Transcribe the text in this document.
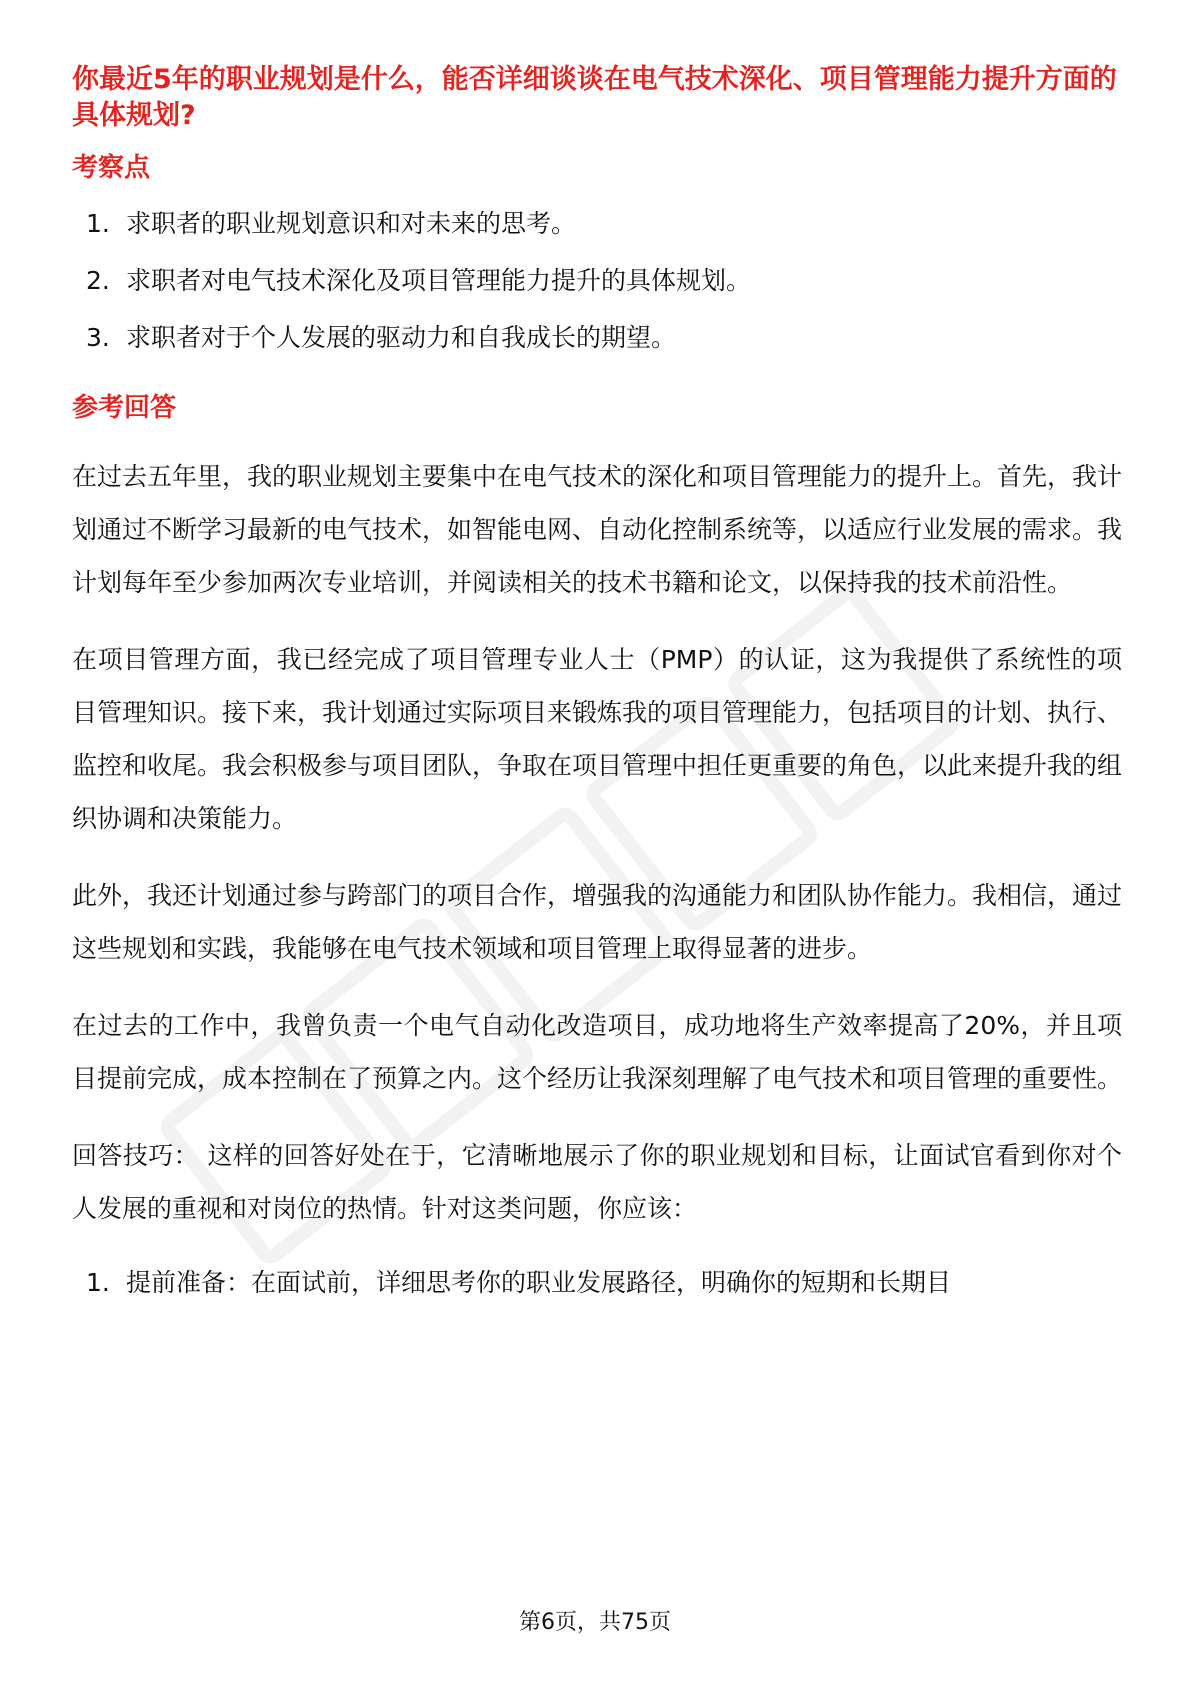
你最近5年的职业规划是什么，能否详细谈谈在电气技术深化、项目管理能力提升方面的具体规划?

考察点
1. 求职者的职业规划意识和对未来的思考。
2. 求职者对电气技术深化及项目管理能力提升的具体规划。
3. 求职者对于个人发展的驱动力和自我成长的期望。
参考回答

在过去五年里，我的职业规划主要集中在电气技术的深化和项目管理能力的提升上。首先，我计划通过不断学习最新的电气技术，如智能电网、自动化控制系统等，以适应行业发展的需求。我计划每年至少参加两次专业培训，并阅读相关的技术书籍和论文，以保持我的技术前沿性。

在项目管理方面，我已经完成了项目管理专业人士（PMP）的认证，这为我提供了系统性的项目管理知识。接下来，我计划通过实际项目来锻炼我的项目管理能力，包括项目的计划、执行、监控和收尾。我会积极参与项目团队，争取在项目管理中担任更重要的角色，以此来提升我的组织协调和决策能力。

此外，我还计划通过参与跨部门的项目合作，增强我的沟通能力和团队协作能力。我相信，通过这些规划和实践，我能够在电气技术领域和项目管理上取得显著的进步。

在过去的工作中，我曾负责一个电气自动化改造项目，成功地将生产效率提高了20%，并且项目提前完成，成本控制在了预算之内。这个经历让我深刻理解了电气技术和项目管理的重要性。

回答技巧： 这样的回答好处在于，它清晰地展示了你的职业规划和目标，让面试官看到你对个人发展的重视和对岗位的热情。针对这类问题，你应该：

1. 提前准备：在面试前，详细思考你的职业发展路径，明确你的短期和长期目
第6页，共75页
